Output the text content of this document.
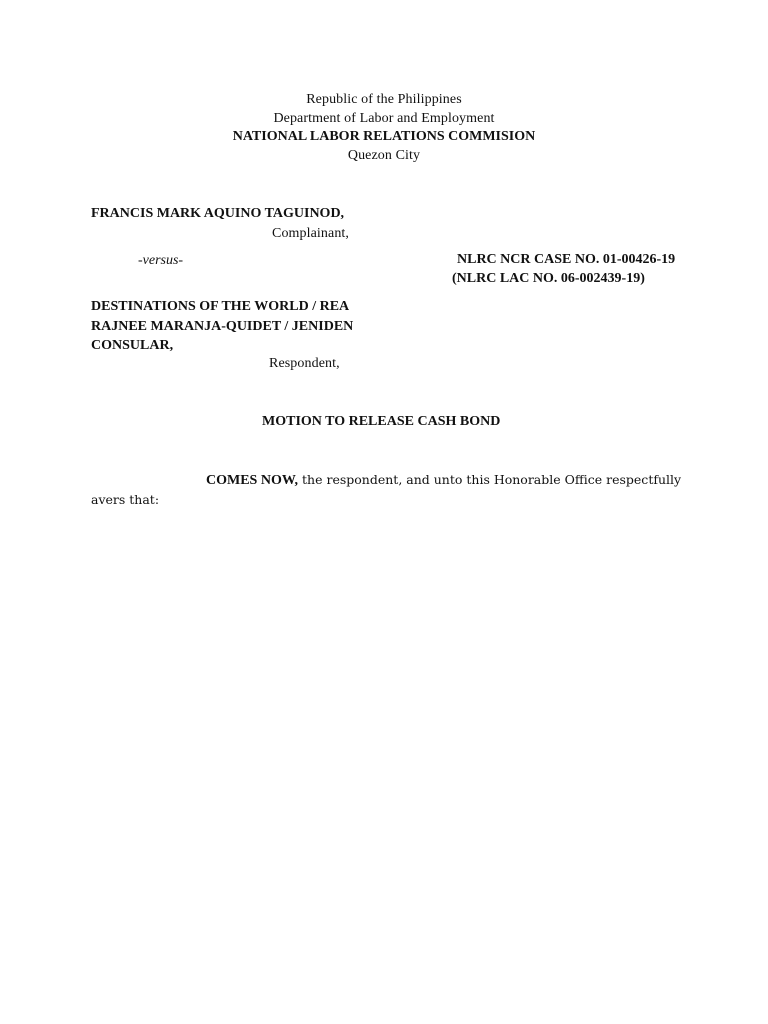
Republic of the Philippines
Department of Labor and Employment
NATIONAL LABOR RELATIONS COMMISION
Quezon City
FRANCIS MARK AQUINO TAGUINOD,
Complainant,
-versus-	NLRC NCR CASE NO. 01-00426-19
(NLRC LAC NO. 06-002439-19)
DESTINATIONS OF THE WORLD / REA
RAJNEE MARANJA-QUIDET / JENIDEN
CONSULAR,
Respondent,
MOTION TO RELEASE CASH BOND
COMES NOW, the respondent, and unto this Honorable Office respectfully
avers that:
